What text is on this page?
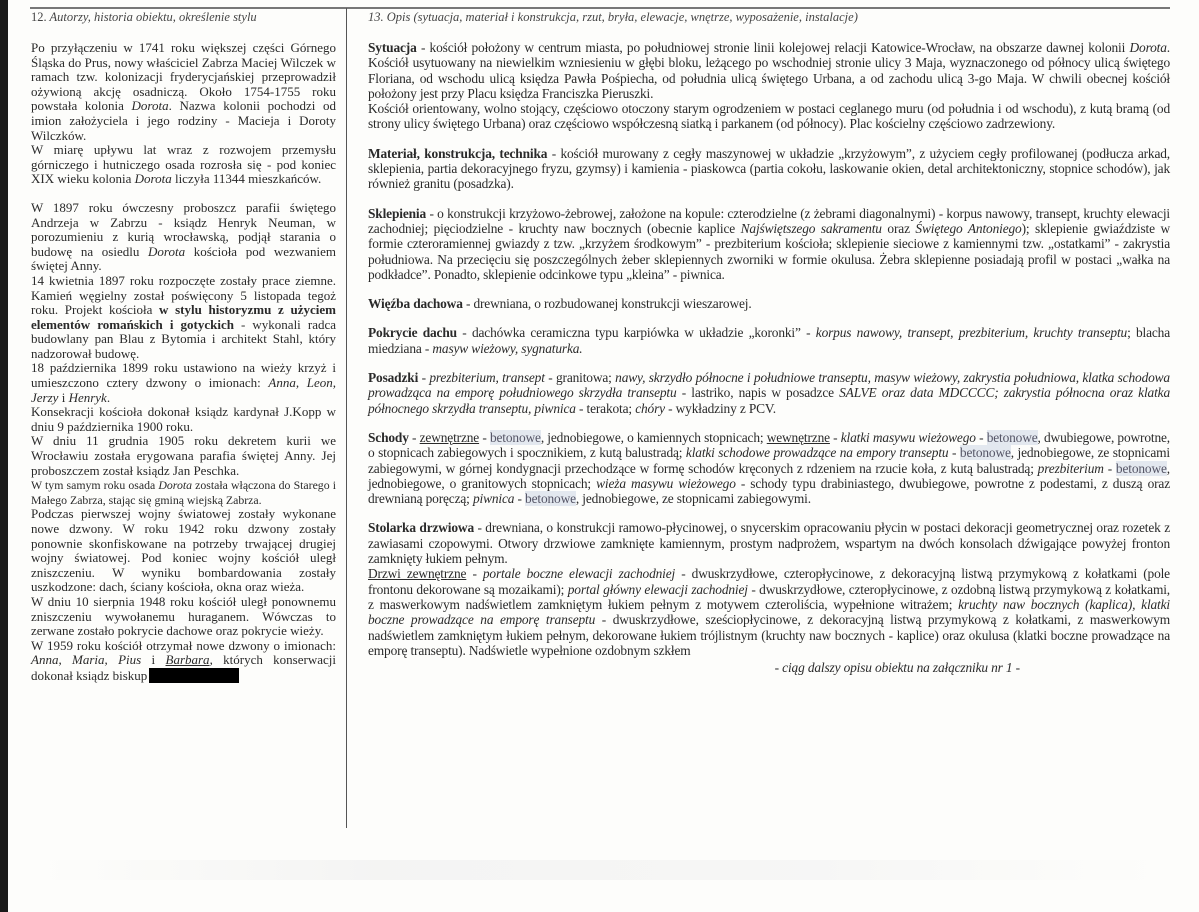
12. Autorzy, historia obiektu, określenie stylu	13. Opis (sytuacja, materiał i konstrukcja, rzut, bryła, elewacje, wnętrze, wyposażenie, instalacje)

Po przyłączeniu w 1741 roku większej części Górnego Śląska do Prus, nowy właściciel Zabrza Maciej Wilczek w ramach tzw. kolonizacji fryderycjańskiej przeprowadził ożywioną akcję osadniczą. Około 1754-1755 roku powstała kolonia Dorota. Nazwa kolonii pochodzi od imion założyciela i jego rodziny - Macieja i Doroty Wilczków.

W miarę upływu lat wraz z rozwojem przemysłu górniczego i hutniczego osada rozrosła się - pod koniec XIX wieku kolonia Dorota liczyła 11344 mieszkańców.

W 1897 roku ówczesny proboszcz parafii świętego Andrzeja w Zabrzu - ksiądz Henryk Neuman, w porozumieniu z kurią wrocławską, podjął starania o budowę na osiedlu Dorota kościoła pod wezwaniem świętej Anny.

14 kwietnia 1897 roku rozpoczęte zostały prace ziemne. Kamień węgielny został poświęcony 5 listopada tegoż roku. Projekt kościoła w stylu historyzmu z użyciem elementów romańskich i gotyckich - wykonali radca budowlany pan Blau z Bytomia i architekt Stahl, który nadzorował budowę.

18 października 1899 roku ustawiono na wieży krzyż i umieszczono cztery dzwony o imionach: Anna, Leon, Jerzy i Henryk.

Konsekracji kościoła dokonał ksiądz kardynał J.Kopp w dniu 9 października 1900 roku.

W dniu 11 grudnia 1905 roku dekretem kurii we Wrocławiu została erygowana parafia świętej Anny. Jej proboszczem został ksiądz Jan Peschka.

W tym samym roku osada Dorota została włączona do Starego i Małego Zabrza, stając się gminą wiejską Zabrza.

Podczas pierwszej wojny światowej zostały wykonane nowe dzwony. W roku 1942 roku dzwony zostały ponownie skonfiskowane na potrzeby trwającej drugiej wojny światowej. Pod koniec wojny kościół uległ zniszczeniu. W wyniku bombardowania zostały uszkodzone: dach, ściany kościoła, okna oraz wieża.

W dniu 10 sierpnia 1948 roku kościół uległ ponownemu zniszczeniu wywołanemu huraganem. Wówczas to zerwane zostało pokrycie dachowe oraz pokrycie wieży.

W 1959 roku kościół otrzymał nowe dzwony o imionach: Anna, Maria, Pius i Barbara, których konserwacji dokonał ksiądz biskup

Sytuacja - kościół położony w centrum miasta, po południowej stronie linii kolejowej relacji Katowice-Wrocław, na obszarze dawnej kolonii Dorota. Kościół usytuowany na niewielkim wzniesieniu w głębi bloku, leżącego po wschodniej stronie ulicy 3 Maja, wyznaczonego od północy ulicą świętego Floriana, od wschodu ulicą księdza Pawła Pośpiecha, od południa ulicą świętego Urbana, a od zachodu ulicą 3-go Maja. W chwili obecnej kościół położony jest przy Placu księdza Franciszka Pieruszki.

Kościół orientowany, wolno stojący, częściowo otoczony starym ogrodzeniem w postaci ceglanego muru (od południa i od wschodu), z kutą bramą (od strony ulicy świętego Urbana) oraz częściowo współczesną siatką i parkanem (od północy). Plac kościelny częściowo zadrzewiony.

Materiał, konstrukcja, technika - kościół murowany z cegły maszynowej w układzie „krzyżowym”, z użyciem cegły profilowanej (podłucza arkad, sklepienia, partia dekoracyjnego fryzu, gzymsy) i kamienia - piaskowca (partia cokołu, laskowanie okien, detal architektoniczny, stopnice schodów), jak również granitu (posadzka).

Sklepienia - o konstrukcji krzyżowo-żebrowej, założone na kopule: czterodzielne (z żebrami diagonalnymi) - korpus nawowy, transept, kruchty elewacji zachodniej; pięciodzielne - kruchty naw bocznych (obecnie kaplice Najświętszego sakramentu oraz Świętego Antoniego); sklepienie gwiaździste w formie czteroramiennej gwiazdy z tzw. „krzyżem środkowym” - prezbiterium kościoła; sklepienie sieciowe z kamiennymi tzw. „ostatkami” - zakrystia południowa. Na przecięciu się poszczególnych żeber sklepiennych zworniki w formie okulusa. Żebra sklepienne posiadają profil w postaci „wałka na podkładce”. Ponadto, sklepienie odcinkowe typu „kleina” - piwnica.

Więźba dachowa - drewniana, o rozbudowanej konstrukcji wieszarowej.

Pokrycie dachu - dachówka ceramiczna typu karpiówka w układzie „koronki” - korpus nawowy, transept, prezbiterium, kruchty transeptu; blacha miedziana - masyw wieżowy, sygnaturka.

Posadzki - prezbiterium, transept - granitowa; nawy, skrzydło północne i południowe transeptu, masyw wieżowy, zakrystia południowa, klatka schodowa prowadząca na emporę południowego skrzydła transeptu - lastriko, napis w posadzce SALVE oraz data MDCCCC; zakrystia północna oraz klatka północnego skrzydła transeptu, piwnica - terakota; chóry - wykładziny z PCV.

Schody - zewnętrzne - betonowe, jednobiegowe, o kamiennych stopnicach; wewnętrzne - klatki masywu wieżowego - betonowe, dwubiegowe, powrotne, o stopnicach zabiegowych i spocznikiem, z kutą balustradą; klatki schodowe prowadzące na empory transeptu - betonowe, jednobiegowe, ze stopnicami zabiegowymi, w górnej kondygnacji przechodzące w formę schodów kręconych z rdzeniem na rzucie koła, z kutą balustradą; prezbiterium - betonowe, jednobiegowe, o granitowych stopnicach; wieża masywu wieżowego - schody typu drabiniastego, dwubiegowe, powrotne z podestami, z duszą oraz drewnianą poręczą; piwnica - betonowe, jednobiegowe, ze stopnicami zabiegowymi.

Stolarka drzwiowa - drewniana, o konstrukcji ramowo-płycinowej, o snycerskim opracowaniu płycin w postaci dekoracji geometrycznej oraz rozetek z zawiasami czopowymi. Otwory drzwiowe zamknięte kamiennym, prostym nadprożem, wspartym na dwóch konsolach dźwigające powyżej fronton zamknięty łukiem pełnym.

Drzwi zewnętrzne - portale boczne elewacji zachodniej - dwuskrzydłowe, czteropłycinowe, z dekoracyjną listwą przymykową z kołatkami (pole frontonu dekorowane są mozaikami); portal główny elewacji zachodniej - dwuskrzydłowe, czteropłycinowe, z ozdobną listwą przymykową z kołatkami, z maswerkowym nadświetlem zamkniętym łukiem pełnym z motywem czteroliścia, wypełnione witrażem; kruchty naw bocznych (kaplica), klatki boczne prowadzące na emporę transeptu - dwuskrzydłowe, sześciopłycinowe, z dekoracyjną listwą przymykową z kołatkami, z maswerkowym nadświetlem zamkniętym łukiem pełnym, dekorowane łukiem trójlistnym (kruchty naw bocznych - kaplice) oraz okulusa (klatki boczne prowadzące na emporę transeptu). Nadświetle wypełnione ozdobnym szkłem

- ciąg dalszy opisu obiektu na załączniku nr 1 -
